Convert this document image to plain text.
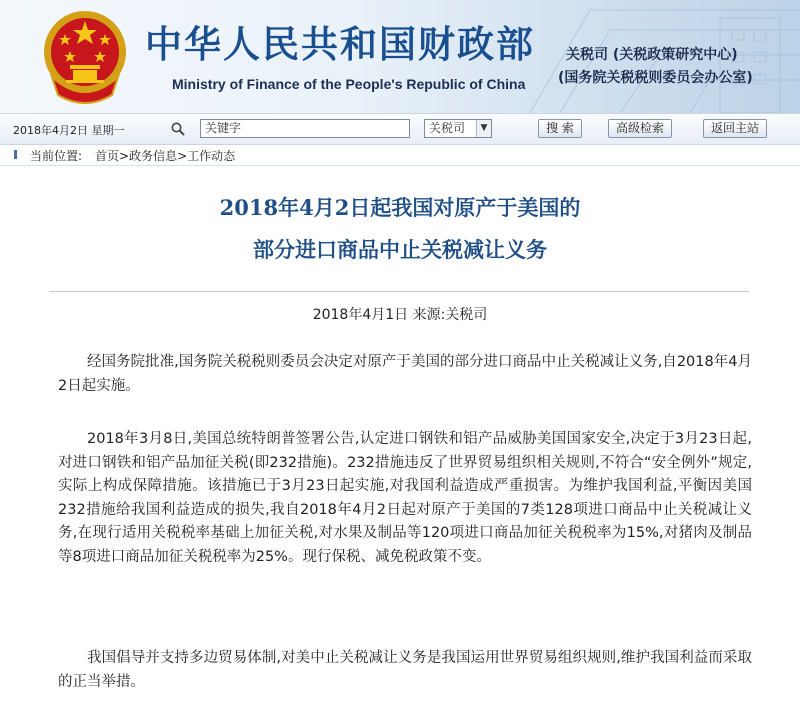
中华人民共和国财政部
Ministry of Finance of the People's Republic of China
关税司 (关税政策研究中心)
(国务院关税税则委员会办公室)
2018年4月2日 星期一	关键字	关税司	▼	搜 索	高级检索	返回主站
当前位置: 首页>政务信息>工作动态
2018年4月2日起我国对原产于美国的
部分进口商品中止关税减让义务
2018年4月1日 来源:关税司

经国务院批准,国务院关税税则委员会决定对原产于美国的部分进口商品中止关税减让义务,自2018年4月2日起实施。

2018年3月8日,美国总统特朗普签署公告,认定进口钢铁和铝产品威胁美国国家安全,决定于3月23日起,对进口钢铁和铝产品加征关税(即232措施)。232措施违反了世界贸易组织相关规则,不符合“安全例外”规定,实际上构成保障措施。该措施已于3月23日起实施,对我国利益造成严重损害。为维护我国利益,平衡因美国232措施给我国利益造成的损失,我自2018年4月2日起对原产于美国的7类128项进口商品中止关税减让义务,在现行适用关税税率基础上加征关税,对水果及制品等120项进口商品加征关税税率为15%,对猪肉及制品等8项进口商品加征关税税率为25%。现行保税、减免税政策不变。

我国倡导并支持多边贸易体制,对美中止关税减让义务是我国运用世界贸易组织规则,维护我国利益而采取的正当举措。
